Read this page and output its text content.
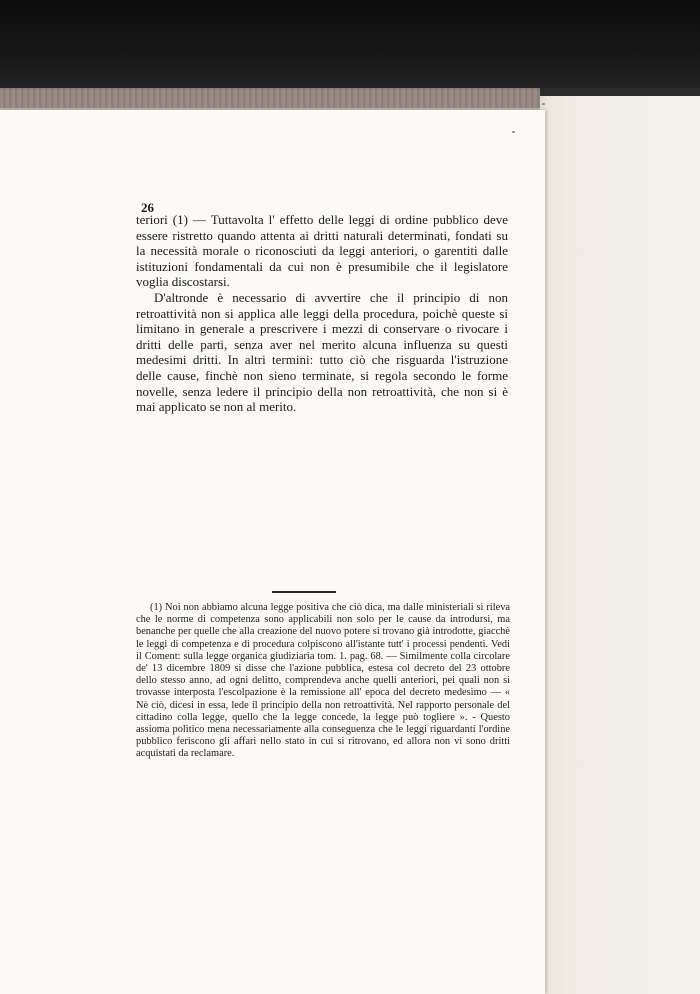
26

teriori (1) — Tuttavolta l' effetto delle leggi di ordine pubblico deve essere ristretto quando attenta ai dritti naturali determinati, fondati su la necessità morale o riconosciuti da leggi anteriori, o garentiti dalle istituzioni fondamentali da cui non è presumibile che il legislatore voglia discostarsi.

D'altronde è necessario di avvertire che il principio di non retroattività non si applica alle leggi della procedura, poichè queste si limitano in generale a prescrivere i mezzi di conservare o rivocare i dritti delle parti, senza aver nel merito alcuna influenza su questi medesimi dritti. In altri termini: tutto ciò che risguarda l'istruzione delle cause, finchè non sieno terminate, si regola secondo le forme novelle, senza ledere il principio della non retroattività, che non si è mai applicato se non al merito.

(1) Noi non abbiamo alcuna legge positiva che ciò dica, ma dalle ministeriali si rileva che le norme di competenza sono applicabili non solo per le cause da introdursi, ma benanche per quelle che alla creazione del nuovo potere si trovano già introdotte, giacchè le leggi di competenza e di procedura colpiscono all'istante tutt' i processi pendenti. Vedi il Coment: sulla legge organica giudiziaria tom. 1. pag. 68. — Similmente colla circolare de' 13 dicembre 1809 si disse che l'azione pubblica, estesa col decreto del 23 ottobre dello stesso anno, ad ogni delitto, comprendeva anche quelli anteriori, pei quali non si trovasse interposta l'escolpazione è la remissione all' epoca del decreto medesimo — « Nè ciò, dicesi in essa, lede il principio della non retroattività. Nel rapporto personale del cittadino colla legge, quello che la legge concede, la legge può togliere ». - Questo assioma politico mena necessariamente alla conseguenza che le leggi riguardanti l'ordine pubblico feriscono gli affari nello stato in cui si ritrovano, ed allora non vi sono dritti acquistati da reclamare.
